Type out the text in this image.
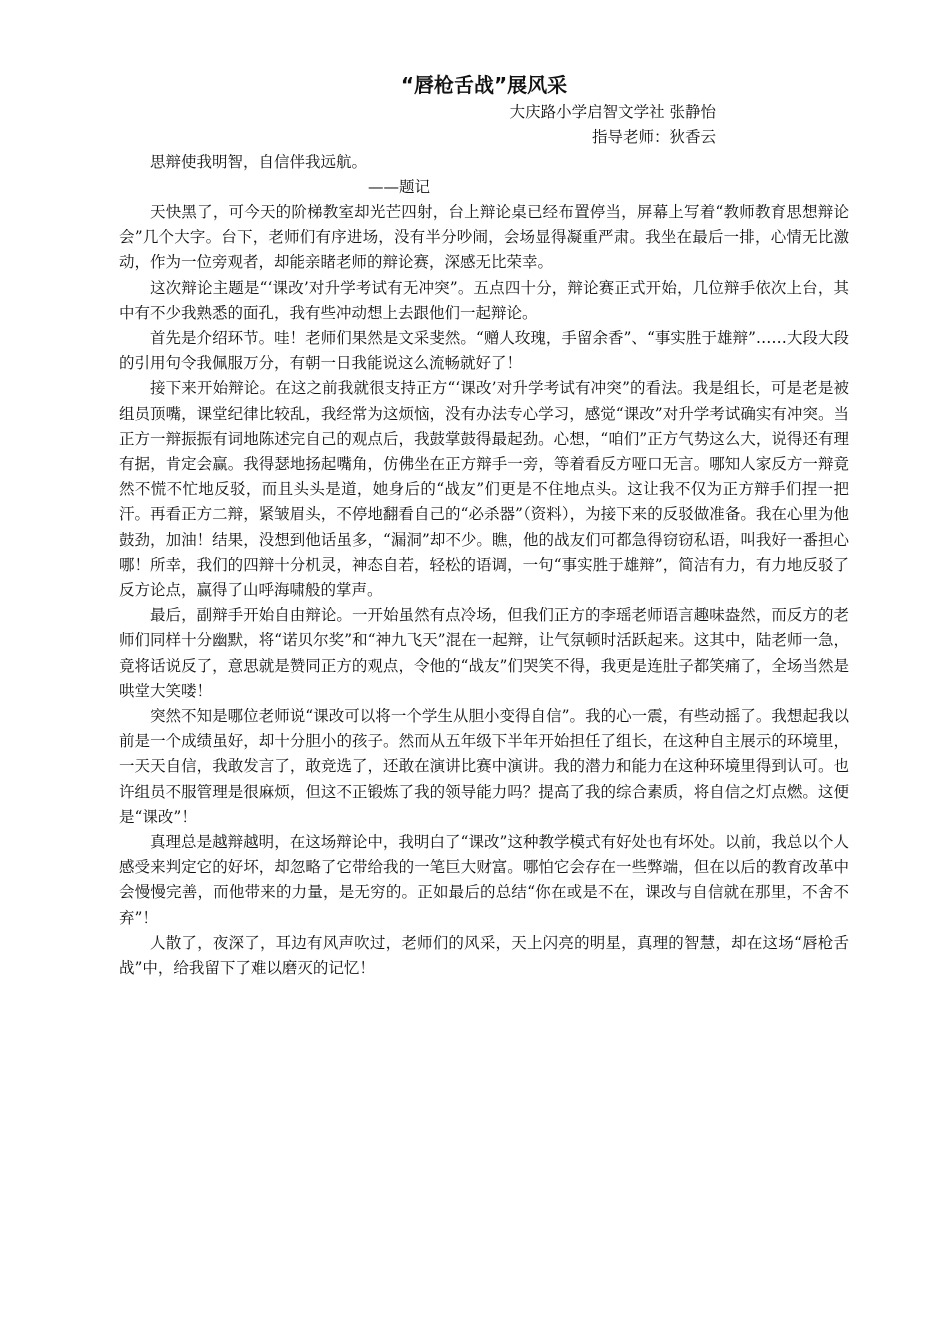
“唇枪舌战”展风采

大庆路小学启智文学社 张静怡

指导老师：狄香云

思辩使我明智，自信伴我远航。

——题记

天快黑了，可今天的阶梯教室却光芒四射，台上辩论桌已经布置停当，屏幕上写着“教师教育思想辩论会”几个大字。台下，老师们有序进场，没有半分吵闹，会场显得凝重严肃。我坐在最后一排，心情无比激动，作为一位旁观者，却能亲睹老师的辩论赛，深感无比荣幸。

这次辩论主题是“‘课改’对升学考试有无冲突”。五点四十分，辩论赛正式开始，几位辩手依次上台，其中有不少我熟悉的面孔，我有些冲动想上去跟他们一起辩论。

首先是介绍环节。哇！老师们果然是文采斐然。“赠人玫瑰，手留余香”、“事实胜于雄辩”……大段大段的引用句令我佩服万分，有朝一日我能说这么流畅就好了！

接下来开始辩论。在这之前我就很支持正方“‘课改’对升学考试有冲突”的看法。我是组长，可是老是被组员顶嘴，课堂纪律比较乱，我经常为这烦恼，没有办法专心学习，感觉“课改”对升学考试确实有冲突。当正方一辩振振有词地陈述完自己的观点后，我鼓掌鼓得最起劲。心想，“咱们”正方气势这么大，说得还有理有据，肯定会赢。我得瑟地扬起嘴角，仿佛坐在正方辩手一旁，等着看反方哑口无言。哪知人家反方一辩竟然不慌不忙地反驳，而且头头是道，她身后的“战友”们更是不住地点头。这让我不仅为正方辩手们捏一把汗。再看正方二辩，紧皱眉头，不停地翻看自己的“必杀器”（资料），为接下来的反驳做准备。我在心里为他鼓劲，加油！结果，没想到他话虽多，“漏洞”却不少。瞧，他的战友们可都急得窃窃私语，叫我好一番担心哪！所幸，我们的四辩十分机灵，神态自若，轻松的语调，一句“事实胜于雄辩”，简洁有力，有力地反驳了反方论点，赢得了山呼海啸般的掌声。

最后，副辩手开始自由辩论。一开始虽然有点冷场，但我们正方的李瑶老师语言趣味盎然，而反方的老师们同样十分幽默，将“诺贝尔奖”和“神九飞天”混在一起辩，让气氛顿时活跃起来。这其中，陆老师一急，竟将话说反了，意思就是赞同正方的观点，令他的“战友”们哭笑不得，我更是连肚子都笑痛了，全场当然是哄堂大笑喽！

突然不知是哪位老师说“课改可以将一个学生从胆小变得自信”。我的心一震，有些动摇了。我想起我以前是一个成绩虽好，却十分胆小的孩子。然而从五年级下半年开始担任了组长，在这种自主展示的环境里，一天天自信，我敢发言了，敢竞选了，还敢在演讲比赛中演讲。我的潜力和能力在这种环境里得到认可。也许组员不服管理是很麻烦，但这不正锻炼了我的领导能力吗？提高了我的综合素质，将自信之灯点燃。这便是“课改”！

真理总是越辩越明，在这场辩论中，我明白了“课改”这种教学模式有好处也有坏处。以前，我总以个人感受来判定它的好坏，却忽略了它带给我的一笔巨大财富。哪怕它会存在一些弊端，但在以后的教育改革中会慢慢完善，而他带来的力量，是无穷的。正如最后的总结“你在或是不在，课改与自信就在那里，不舍不弃”！

人散了，夜深了，耳边有风声吹过，老师们的风采，天上闪亮的明星，真理的智慧，却在这场“唇枪舌战”中，给我留下了难以磨灭的记忆！
